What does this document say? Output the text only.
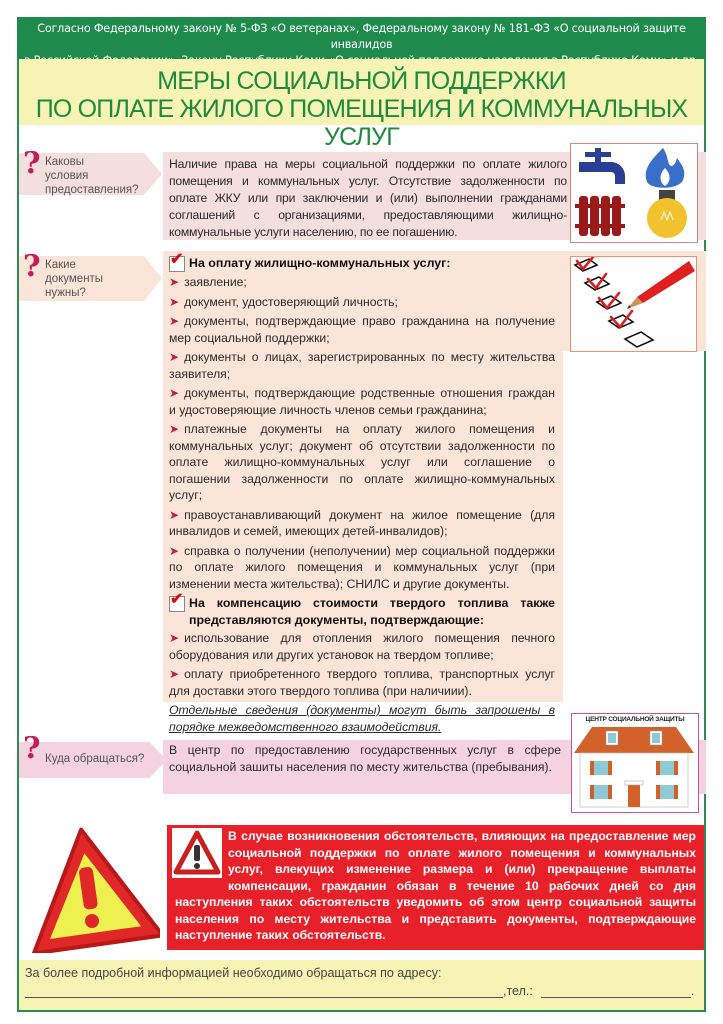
Согласно Федеральному закону № 5-ФЗ «О ветеранах», Федеральному закону № 181-ФЗ «О социальной защите инвалидов
МЕРЫ СОЦИАЛЬНОЙ ПОДДЕРЖКИ
ПО ОПЛАТЕ ЖИЛОГО ПОМЕЩЕНИЯ И КОММУНАЛЬНЫХ УСЛУГ
? Каковы
условия
предоставления?
Наличие права на меры социальной поддержки по оплате жилого помещения и коммунальных услуг. Отсутствие задолженности по оплате ЖКУ или при заключении и (или) выполнении гражданами соглашений с организациями, предоставляющими жилищно-коммунальные услуги населению, по ее погашению.
? Какие
документы
нужны?
✔
На оплату жилищно-коммунальных услуг:
➤ заявление;
➤ документ, удостоверяющий личность;
➤ документы, подтверждающие право гражданина на получение мер социальной поддержки;
➤ документы о лицах, зарегистрированных по месту жительства заявителя;
➤ документы, подтверждающие родственные отношения граждан и удостоверяющие личность членов семьи гражданина;
➤ платежные документы на оплату жилого помещения и коммунальных услуг; документ об отсутствии задолженности по оплате жилищно-коммунальных услуг или соглашение о погашении задолженности по оплате жилищно-коммунальных услуг;
➤ правоустанавливающий документ на жилое помещение (для инвалидов и семей, имеющих детей-инвалидов);
➤ справка о получении (неполучении) мер социальной поддержки по оплате жилого помещения и коммунальных услуг (при изменении места жительства); СНИЛС и другие документы.
✔
На компенсацию стоимости твердого топлива также представляются документы, подтверждающие:
➤ использование для отопления жилого помещения печного оборудования или других установок на твердом топливе;
➤ оплату приобретенного твердого топлива, транспортных услуг для доставки этого твердого топлива (при наличиии).
Отдельные сведения (документы) могут быть запрошены в порядке межведомственного взаимодействия.
? Куда обращаться?
В центр по предоставлению государственных услуг в сфере социальной зашиты населения по месту жительства (пребывания).
ЦЕНТР СОЦИАЛЬНОЙ ЗАЩИТЫ
В случае возникновения обстоятельств, влияющих на предоставление мер социальной поддержки по оплате жилого помещения и коммунальных услуг, влекущих изменение размера и (или) прекращение выплаты компенсации, гражданин обязан в течение 10 рабочих дней со дня наступления таких обстоятельств уведомить об этом центр социальной защиты населения по месту жительства и представить документы, подтверждающие наступление таких обстоятельств.
За более подробной информацией необходимо обращаться по адресу:
,тел.:	.
